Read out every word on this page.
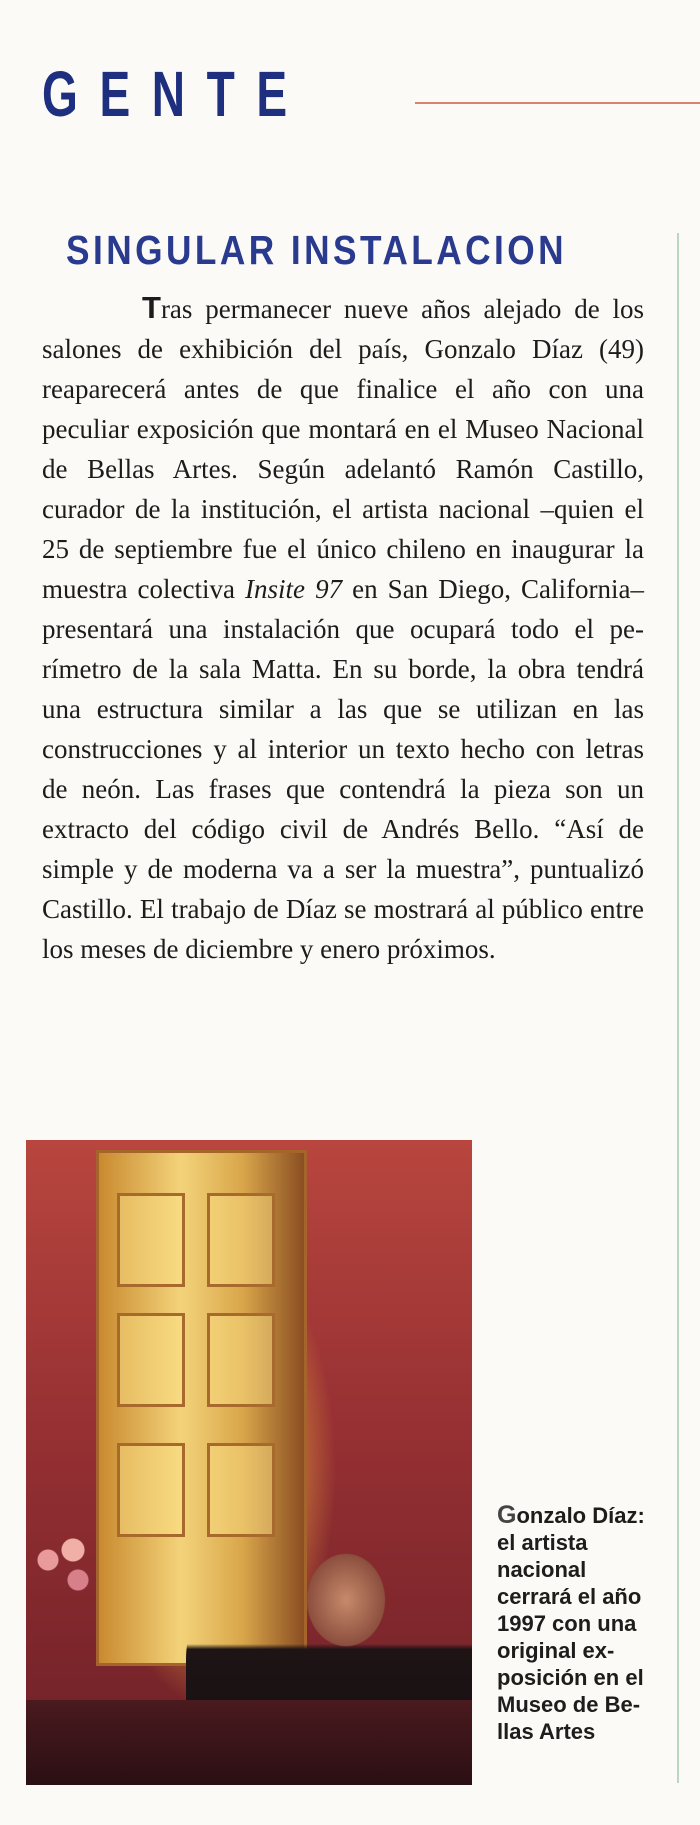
GENTE
SINGULAR INSTALACION

Tras permanecer nueve años alejado de los salones de exhibición del país, Gonzalo Díaz (49) reaparecerá antes de que finalice el año con una peculiar exposición que montará en el Museo Nacional de Bellas Artes. Según adelantó Ramón Castillo, curador de la institución, el artista nacional –quien el 25 de septiembre fue el único chileno en inaugurar la muestra colectiva Insite 97 en San Diego, California– presentará una instalación que ocupará todo el perímetro de la sala Matta. En su borde, la obra tendrá una estructura similar a las que se utilizan en las construcciones y al interior un texto hecho con letras de neón. Las frases que contendrá la pieza son un extracto del código civil de Andrés Bello. “Así de simple y de moderna va a ser la muestra”, puntualizó Castillo. El trabajo de Díaz se mostrará al público entre los meses de diciembre y enero próximos.

Gonzalo Díaz: el artista nacional cerrará el año 1997 con una original exposición en el Museo de Bellas Artes
